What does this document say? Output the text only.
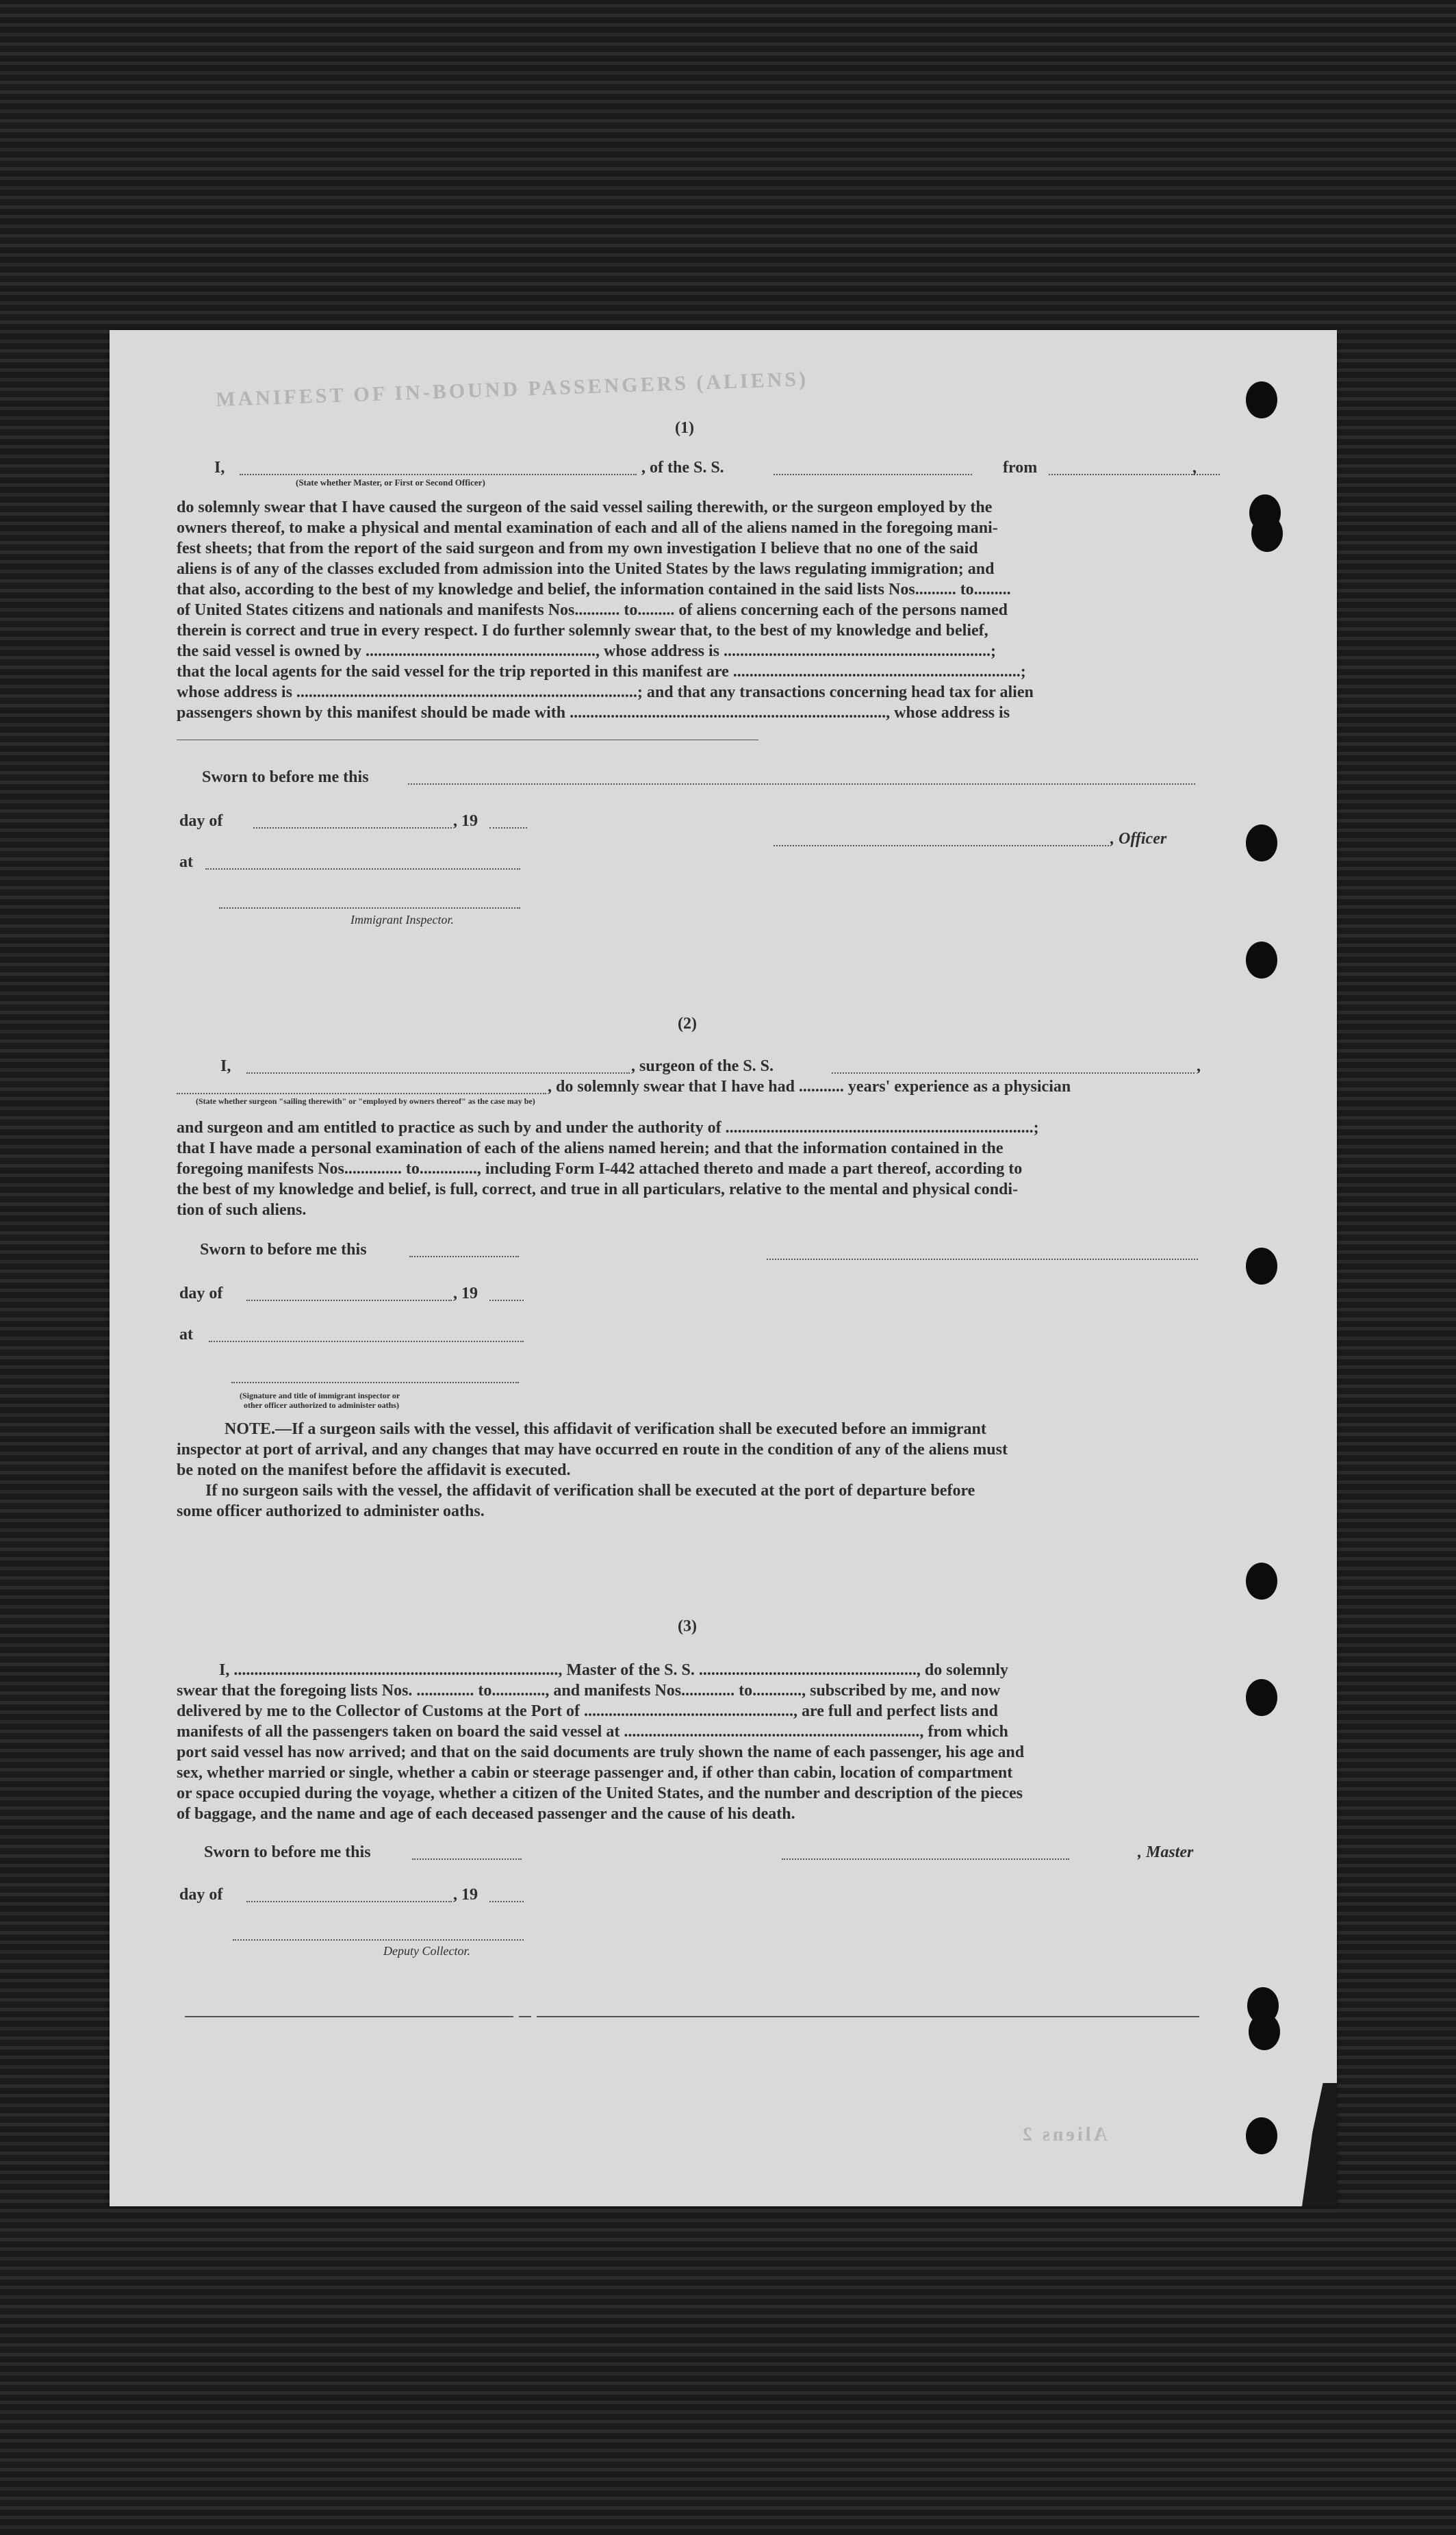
MANIFEST OF IN-BOUND PASSENGERS (ALIENS)

(1)

I,	, of the S. S.	from	,

(State whether Master, or First or Second Officer)

do solemnly swear that I have caused the surgeon of the said vessel sailing therewith, or the surgeon employed by the

owners thereof, to make a physical and mental examination of each and all of the aliens named in the foregoing mani-

fest sheets; that from the report of the said surgeon and from my own investigation I believe that no one of the said

aliens is of any of the classes excluded from admission into the United States by the laws regulating immigration; and

that also, according to the best of my knowledge and belief, the information contained in the said lists Nos.......... to.........

of United States citizens and nationals and manifests Nos........... to......... of aliens concerning each of the persons named

therein is correct and true in every respect. I do further solemnly swear that, to the best of my knowledge and belief,

the said vessel is owned by ........................................................, whose address is .................................................................;

that the local agents for the said vessel for the trip reported in this manifest are ......................................................................;

whose address is ...................................................................................; and that any transactions concerning head tax for alien

passengers shown by this manifest should be made with ............................................................................., whose address is

Sworn to before me this

day of	, 19

, Officer

at

Immigrant Inspector.

(2)

I,	, surgeon of the S. S.	,

, do solemnly swear that I have had ........... years' experience as a physician

(State whether surgeon "sailing therewith" or "employed by owners thereof" as the case may be)

and surgeon and am entitled to practice as such by and under the authority of ...........................................................................;

that I have made a personal examination of each of the aliens named herein; and that the information contained in the

foregoing manifests Nos.............. to.............., including Form I-442 attached thereto and made a part thereof, according to

the best of my knowledge and belief, is full, correct, and true in all particulars, relative to the mental and physical condi-

tion of such aliens.

Sworn to before me this

day of	, 19

at

(Signature and title of immigrant inspector or

other officer authorized to administer oaths)

NOTE.—If a surgeon sails with the vessel, this affidavit of verification shall be executed before an immigrant

inspector at port of arrival, and any changes that may have occurred en route in the condition of any of the aliens must

be noted on the manifest before the affidavit is executed.

If no surgeon sails with the vessel, the affidavit of verification shall be executed at the port of departure before

some officer authorized to administer oaths.

(3)

I, ..............................................................................., Master of the S. S. ....................................................., do solemnly

swear that the foregoing lists Nos. .............. to............., and manifests Nos............. to............, subscribed by me, and now

delivered by me to the Collector of Customs at the Port of ..................................................., are full and perfect lists and

manifests of all the passengers taken on board the said vessel at ........................................................................, from which

port said vessel has now arrived; and that on the said documents are truly shown the name of each passenger, his age and

sex, whether married or single, whether a cabin or steerage passenger and, if other than cabin, location of compartment

or space occupied during the voyage, whether a citizen of the United States, and the number and description of the pieces

of baggage, and the name and age of each deceased passenger and the cause of his death.

Sworn to before me this	, Master

day of	, 19

Deputy Collector.

Aliens 2
